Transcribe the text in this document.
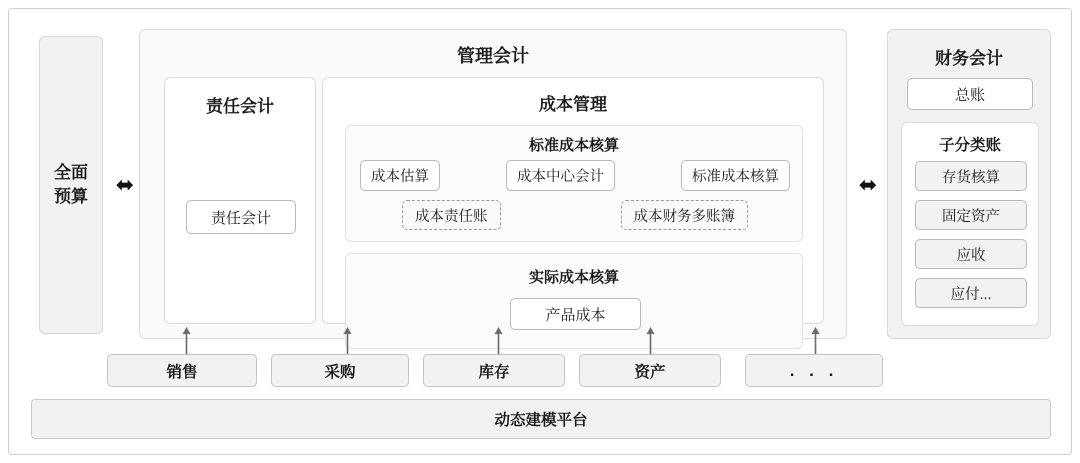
全面
预算	⬌
管理会计
责任会计
责任会计
成本管理
标准成本核算
成本估算	成本中心会计	标准成本核算
成本责任账	成本财务多账簿
实际成本核算
产品成本
⬌
财务会计
总账
子分类账
存货核算
固定资产
应收
应付...
销售	采购	库存	资产	. . .
动态建模平台
